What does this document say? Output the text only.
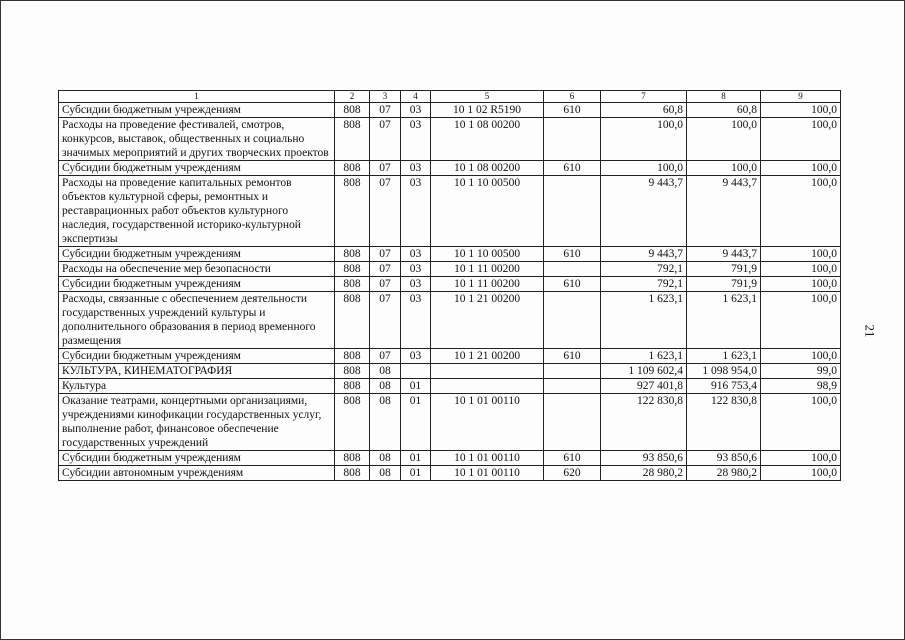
1	2	3	4	5	6	7	8	9
Субсидии бюджетным учреждениям	808	07	03	10 1 02 R5190	610	60,8	60,8	100,0
Расходы на проведение фестивалей, смотров, конкурсов, выставок, общественных и социально значимых мероприятий и других творческих проектов	808	07	03	10 1 08 00200		100,0	100,0	100,0
Субсидии бюджетным учреждениям	808	07	03	10 1 08 00200	610	100,0	100,0	100,0
Расходы на проведение капитальных ремонтов объектов культурной сферы, ремонтных и реставрационных работ объектов культурного наследия, государственной историко-культурной экспертизы	808	07	03	10 1 10 00500		9 443,7	9 443,7	100,0
Субсидии бюджетным учреждениям	808	07	03	10 1 10 00500	610	9 443,7	9 443,7	100,0
Расходы на обеспечение мер безопасности	808	07	03	10 1 11 00200		792,1	791,9	100,0
Субсидии бюджетным учреждениям	808	07	03	10 1 11 00200	610	792,1	791,9	100,0
Расходы, связанные с обеспечением деятельности государственных учреждений культуры и дополнительного образования в период временного размещения	808	07	03	10 1 21 00200		1 623,1	1 623,1	100,0
Субсидии бюджетным учреждениям	808	07	03	10 1 21 00200	610	1 623,1	1 623,1	100,0
КУЛЬТУРА, КИНЕМАТОГРАФИЯ	808	08				1 109 602,4	1 098 954,0	99,0
Культура	808	08	01			927 401,8	916 753,4	98,9
Оказание театрами, концертными организациями, учреждениями кинофикации государственных услуг, выполнение работ, финансовое обеспечение государственных учреждений	808	08	01	10 1 01 00110		122 830,8	122 830,8	100,0
Субсидии бюджетным учреждениям	808	08	01	10 1 01 00110	610	93 850,6	93 850,6	100,0
Субсидии автономным учреждениям	808	08	01	10 1 01 00110	620	28 980,2	28 980,2	100,0
21
